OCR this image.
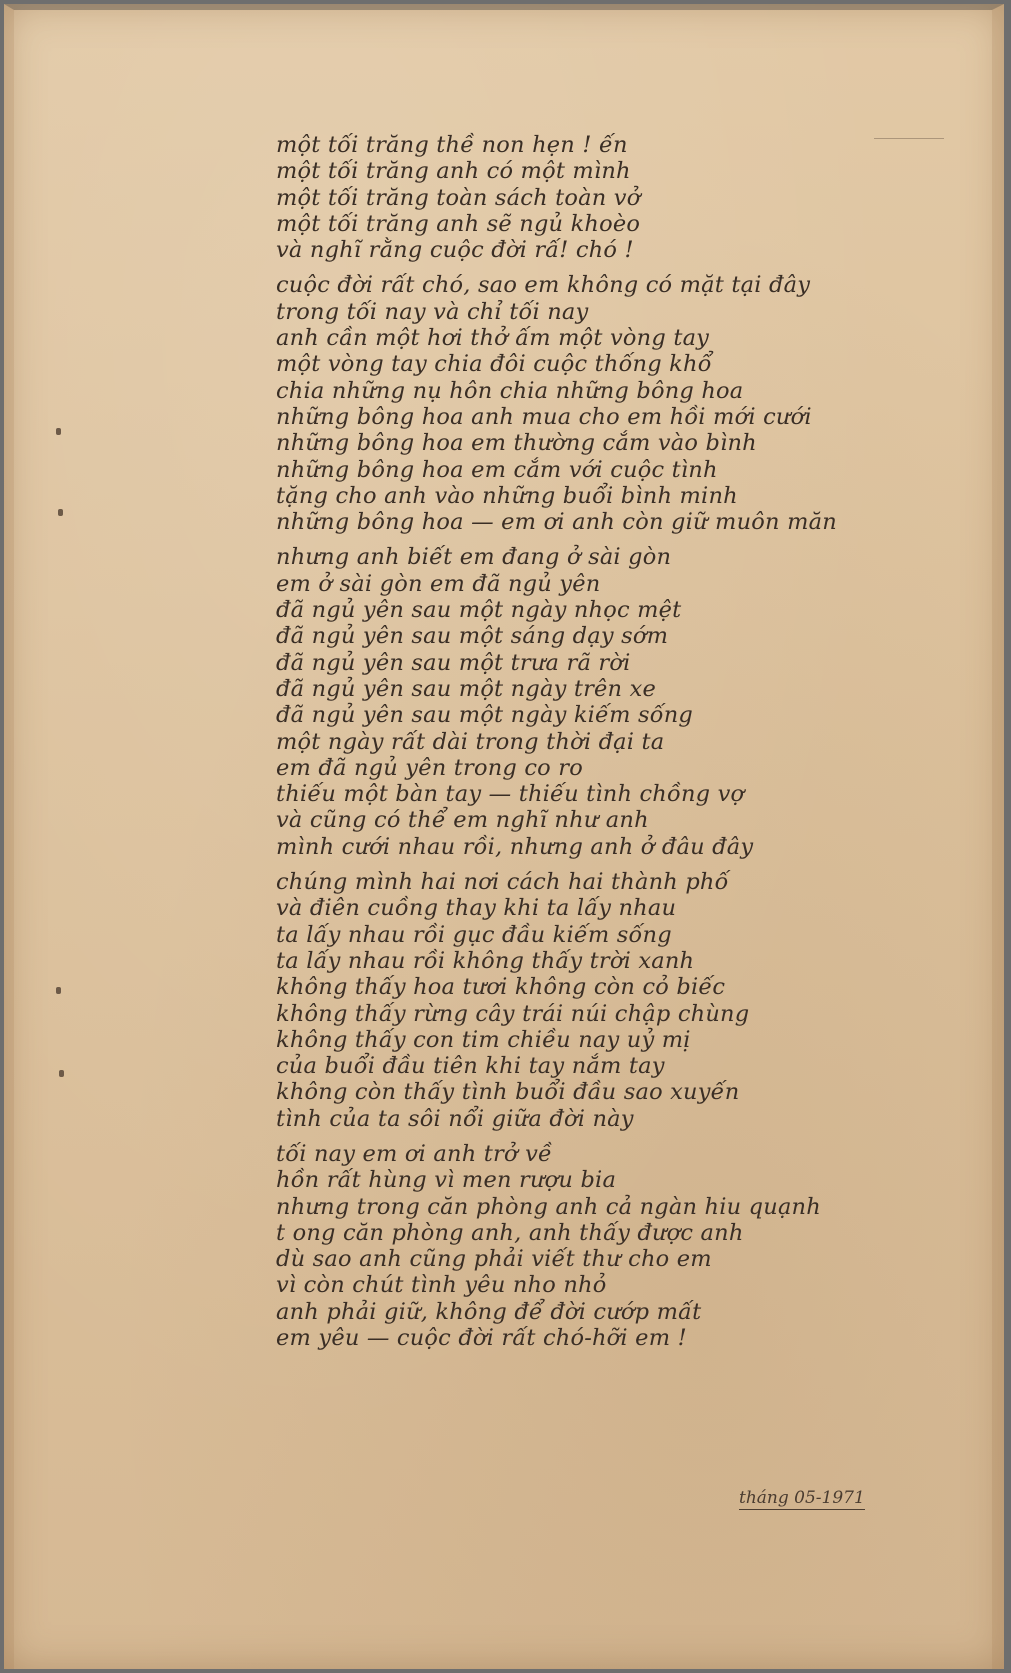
một tối trăng thề non hẹn ! ến
một tối trăng anh có một mình
một tối trăng toàn sách toàn vở
một tối trăng anh sẽ ngủ khoèo
và nghĩ rằng cuộc đời rấ! chó !
cuộc đời rất chó, sao em không có mặt tại đây
trong tối nay và chỉ tối nay
anh cần một hơi thở ấm một vòng tay
một vòng tay chia đôi cuộc thống khổ
chia những nụ hôn chia những bông hoa
những bông hoa anh mua cho em hồi mới cưới
những bông hoa em thường cắm vào bình
những bông hoa em cắm với cuộc tình
tặng cho anh vào những buổi bình minh
những bông hoa — em ơi anh còn giữ muôn măn
nhưng anh biết em đang ở sài gòn
em ở sài gòn em đã ngủ yên
đã ngủ yên sau một ngày nhọc mệt
đã ngủ yên sau một sáng dạy sớm
đã ngủ yên sau một trưa rã rời
đã ngủ yên sau một ngày trên xe
đã ngủ yên sau một ngày kiếm sống
một ngày rất dài trong thời đại ta
em đã ngủ yên trong co ro
thiếu một bàn tay — thiếu tình chồng vợ
và cũng có thể em nghĩ như anh
mình cưới nhau rồi, nhưng anh ở đâu đây
chúng mình hai nơi cách hai thành phố
và điên cuồng thay khi ta lấy nhau
ta lấy nhau rồi gục đầu kiếm sống
ta lấy nhau rồi không thấy trời xanh
không thấy hoa tươi không còn cỏ biếc
không thấy rừng cây trái núi chập chùng
không thấy con tim chiều nay uỷ mị
của buổi đầu tiên khi tay nắm tay
không còn thấy tình buổi đầu sao xuyến
tình của ta sôi nổi giữa đời này
tối nay em ơi anh trở về
hồn rất hùng vì men rượu bia
nhưng trong căn phòng anh cả ngàn hiu quạnh
t ong căn phòng anh, anh thấy được anh
dù sao anh cũng phải viết thư cho em
vì còn chút tình yêu nho nhỏ
anh phải giữ, không để đời cướp mất
em yêu — cuộc đời rất chó-hỡi em !
tháng 05-1971
